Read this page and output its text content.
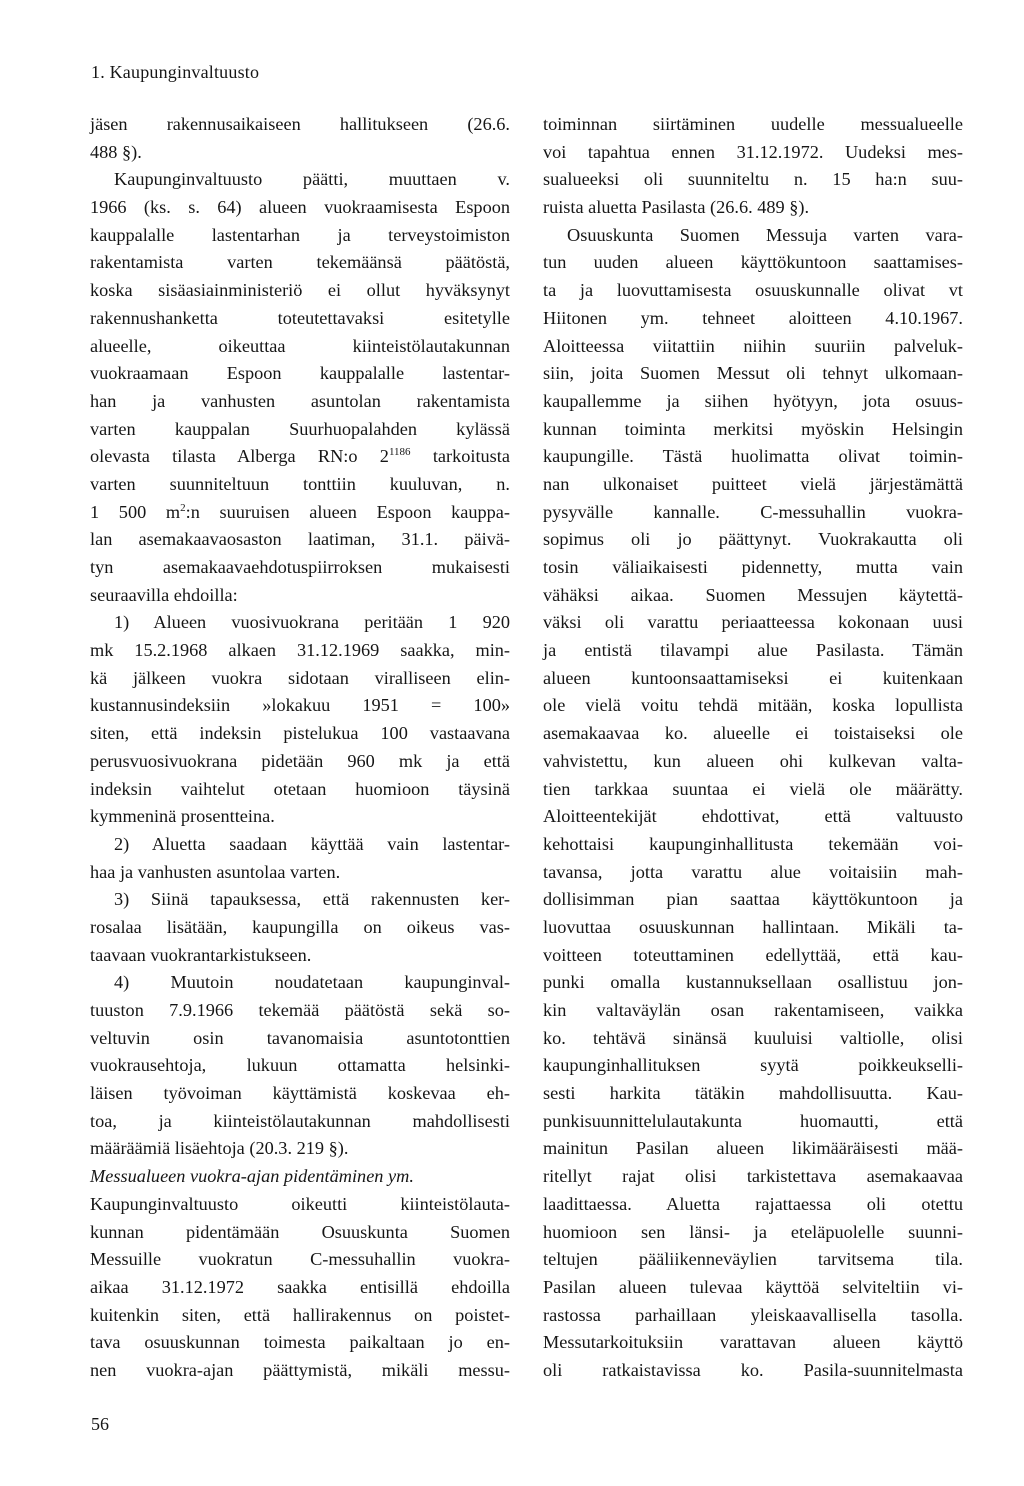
1. Kaupunginvaltuusto
jäsen rakennusaikaiseen hallitukseen (26.6.
488 §).
Kaupunginvaltuusto päätti, muuttaen v.
1966 (ks. s. 64) alueen vuokraamisesta Espoon
kauppalalle lastentarhan ja terveystoimiston
rakentamista varten tekemäänsä päätöstä,
koska sisäasiainministeriö ei ollut hyväksynyt
rakennushanketta toteutettavaksi esitetylle
alueelle, oikeuttaa kiinteistölautakunnan
vuokraamaan Espoon kauppalalle lastentar-
han ja vanhusten asuntolan rakentamista
varten kauppalan Suurhuopalahden kylässä
olevasta tilasta Alberga RN:o $2^{1186}$ tarkoitusta
varten suunniteltuun tonttiin kuuluvan, n.
1 500 $m^2:n$ suuruisen alueen Espoon kauppa-
lan asemakaavaosaston laatiman, 31.1. päivä-
tyn asemakaavaehdotuspiirroksen mukaisesti
seuraavilla ehdoilla:
1) Alueen vuosivuokrana peritään 1 920
mk 15.2.1968 alkaen 31.12.1969 saakka, min-
kä jälkeen vuokra sidotaan viralliseen elin-
kustannusindeksiin »lokakuu 1951 = 100»
siten, että indeksin pistelukua 100 vastaavana
perusvuosivuokrana pidetään 960 mk ja että
indeksin vaihtelut otetaan huomioon täysinä
kymmeninä prosentteina.
2) Aluetta saadaan käyttää vain lastentar-
haa ja vanhusten asuntolaa varten.
3) Siinä tapauksessa, että rakennusten ker-
rosalaa lisätään, kaupungilla on oikeus vas-
taavaan vuokrantarkistukseen.
4) Muutoin noudatetaan kaupunginval-
tuuston 7.9.1966 tekemää päätöstä sekä so-
veltuvin osin tavanomaisia asuntotonttien
vuokrausehtoja, lukuun ottamatta helsinki-
läisen työvoiman käyttämistä koskevaa eh-
toa, ja kiinteistölautakunnan mahdollisesti
määräämiä lisäehtoja (20.3. 219 §).
Messualueen vuokra-ajan pidentäminen ym.
Kaupunginvaltuusto oikeutti kiinteistölauta-
kunnan pidentämään Osuuskunta Suomen
Messuille vuokratun C-messuhallin vuokra-
aikaa 31.12.1972 saakka entisillä ehdoilla
kuitenkin siten, että hallirakennus on poistet-
tava osuuskunnan toimesta paikaltaan jo en-
nen vuokra-ajan päättymistä, mikäli messu-
toiminnan siirtäminen uudelle messualueelle
voi tapahtua ennen 31.12.1972. Uudeksi mes-
sualueeksi oli suunniteltu n. 15 ha:n suu-
ruista aluetta Pasilasta (26.6. 489 §).
Osuuskunta Suomen Messuja varten vara-
tun uuden alueen käyttökuntoon saattamises-
ta ja luovuttamisesta osuuskunnalle olivat vt
Hiitonen ym. tehneet aloitteen 4.10.1967.
Aloitteessa viitattiin niihin suuriin palveluk-
siin, joita Suomen Messut oli tehnyt ulkomaan-
kaupallemme ja siihen hyötyyn, jota osuus-
kunnan toiminta merkitsi myöskin Helsingin
kaupungille. Tästä huolimatta olivat toimin-
nan ulkonaiset puitteet vielä järjestämättä
pysyvälle kannalle. C-messuhallin vuokra-
sopimus oli jo päättynyt. Vuokrakautta oli
tosin väliaikaisesti pidennetty, mutta vain
vähäksi aikaa. Suomen Messujen käytettä-
väksi oli varattu periaatteessa kokonaan uusi
ja entistä tilavampi alue Pasilasta. Tämän
alueen kuntoonsaattamiseksi ei kuitenkaan
ole vielä voitu tehdä mitään, koska lopullista
asemakaavaa ko. alueelle ei toistaiseksi ole
vahvistettu, kun alueen ohi kulkevan valta-
tien tarkkaa suuntaa ei vielä ole määrätty.
Aloitteentekijät ehdottivat, että valtuusto
kehottaisi kaupunginhallitusta tekemään voi-
tavansa, jotta varattu alue voitaisiin mah-
dollisimman pian saattaa käyttökuntoon ja
luovuttaa osuuskunnan hallintaan. Mikäli ta-
voitteen toteuttaminen edellyttää, että kau-
punki omalla kustannuksellaan osallistuu jon-
kin valtaväylän osan rakentamiseen, vaikka
ko. tehtävä sinänsä kuuluisi valtiolle, olisi
kaupunginhallituksen syytä poikkeukselli-
sesti harkita tätäkin mahdollisuutta. Kau-
punkisuunnittelulautakunta huomautti, että
mainitun Pasilan alueen likimääräisesti mää-
ritellyt rajat olisi tarkistettava asemakaavaa
laadittaessa. Aluetta rajattaessa oli otettu
huomioon sen länsi- ja eteläpuolelle suunni-
teltujen pääliikenneväylien tarvitsema tila.
Pasilan alueen tulevaa käyttöä selviteltiin vi-
rastossa parhaillaan yleiskaavallisella tasolla.
Messutarkoituksiin varattavan alueen käyttö
oli ratkaistavissa ko. Pasila-suunnitelmasta
56
